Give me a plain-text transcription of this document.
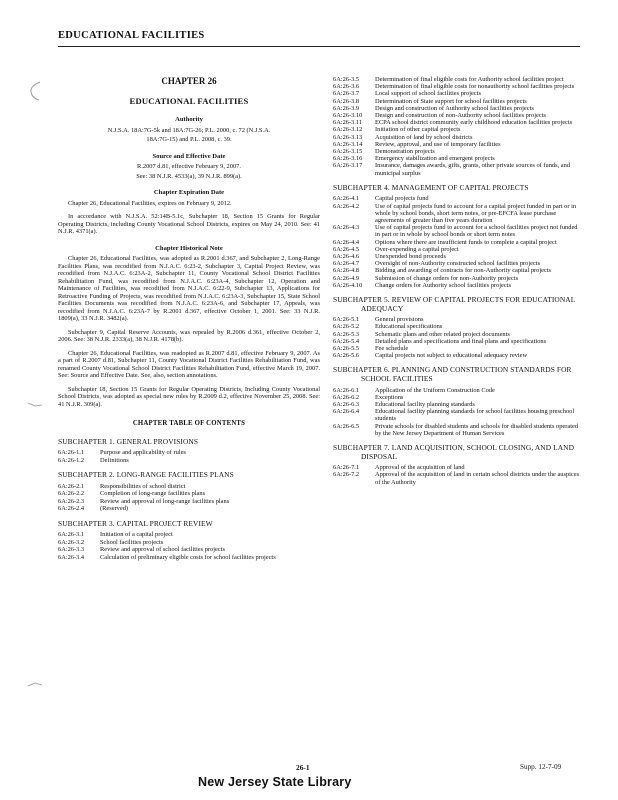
EDUCATIONAL FACILITIES
CHAPTER 26
EDUCATIONAL FACILITIES
Authority
N.J.S.A. 18A:7G-5k and 18A:7G-26; P.L. 2000, c. 72 (N.J.S.A.
18A:7G-15) and P.L. 2008, c. 39.
Source and Effective Date
R.2007 d.81, effective February 9, 2007.
See: 38 N.J.R. 4533(a), 39 N.J.R. 899(a).
Chapter Expiration Date

Chapter 26, Educational Facilities, expires on February 9, 2012.

In accordance with N.J.S.A. 52:14B-5.1c, Subchapter 18, Section 15 Grants for Regular Operating Districts, including County Vocational School Districts, expires on May 24, 2010. See: 41 N.J.R. 4371(a).

Chapter Historical Note

Chapter 26, Educational Facilities, was adopted as R.2001 d.367, and Subchapter 2, Long-Range Facilities Plans, was recodified from N.J.A.C. 6:23-2, Subchapter 3, Capital Project Review, was recodified from N.J.A.C. 6:23A-2, Subchapter 11, County Vocational School District Facilities Rehabilitation Fund, was recodified from N.J.A.C. 6:23A-4, Subchapter 12, Operation and Maintenance of Facilities, was recodified from N.J.A.C. 6:22-9, Subchapter 13, Applications for Retroactive Funding of Projects, was recodified from N.J.A.C. 6:23A-3, Subchapter 15, State School Facilities Documents was recodified from N.J.A.C. 6:23A-6, and Subchapter 17, Appeals, was recodified from N.J.A.C. 6:23A-7 by R.2001 d.367, effective October 1, 2001. See: 33 N.J.R. 1809(a), 33 N.J.R. 3482(a).

Subchapter 9, Capital Reserve Accounts, was repealed by R.2006 d.361, effective October 2, 2006. See: 38 N.J.R. 2333(a), 38 N.J.R. 4178(b).

Chapter 26, Educational Facilities, was readopted as R.2007 d.81, effective February 9, 2007. As a part of R.2007 d.81, Subchapter 11, County Vocational District Facilities Rehabilitation Fund, was renamed County Vocational School District Facilities Rehabilitation Fund, effective March 19, 2007. See: Source and Effective Date. See, also, section annotations.

Subchapter 18, Section 15 Grants for Regular Operating Districts, Including County Vocational School Districts, was adopted as special new rules by R.2009 d.2, effective November 25, 2008. See: 41 N.J.R. 309(a).

CHAPTER TABLE OF CONTENTS
SUBCHAPTER 1. GENERAL PROVISIONS
6A:26-1.1	Purpose and applicability of rules
6A:26-1.2	Definitions
SUBCHAPTER 2. LONG-RANGE FACILITIES PLANS
6A:26-2.1	Responsibilities of school district
6A:26-2.2	Completion of long-range facilities plans
6A:26-2.3	Review and approval of long-range facilities plans
6A:26-2.4	(Reserved)
SUBCHAPTER 3. CAPITAL PROJECT REVIEW
6A:26-3.1	Initiation of a capital project
6A:26-3.2	School facilities projects
6A:26-3.3	Review and approval of school facilities projects
6A:26-3.4	Calculation of preliminary eligible costs for school facilities projects
6A:26-3.5	Determination of final eligible costs for Authority school facilities project
6A:26-3.6	Determination of final eligible costs for nonauthority school facilities projects
6A:26-3.7	Local support of school facilities projects
6A:26-3.8	Determination of State support for school facilities projects
6A:26-3.9	Design and construction of Authority school facilities projects
6A:26-3.10	Design and construction of non-Authority school facilities projects
6A:26-3.11	ECPA school district community early childhood education facilities projects
6A:26-3.12	Initiation of other capital projects
6A:26-3.13	Acquisition of land by school districts
6A:26-3.14	Review, approval, and use of temporary facilities
6A:26-3.15	Demonstration projects
6A:26-3.16	Emergency stabilization and emergent projects
6A:26-3.17	Insurance, damages awards, gifts, grants, other private sources of funds, and municipal surplus
SUBCHAPTER 4. MANAGEMENT OF CAPITAL PROJECTS
6A:26-4.1	Capital projects fund
6A:26-4.2	Use of capital projects fund to account for a capital project funded in part or in whole by school bonds, short term notes, or pre-EFCFA lease purchase agreements of greater than five years duration
6A:26-4.3	Use of capital projects fund to account for a school facilities project not funded in part or in whole by school bonds or short term notes
6A:26-4.4	Options where there are insufficient funds to complete a capital project
6A:26-4.5	Over-expending a capital project
6A:26-4.6	Unexpended bond proceeds
6A:26-4.7	Oversight of non-Authority constructed school facilities projects
6A:26-4.8	Bidding and awarding of contracts for non-Authority capital projects
6A:26-4.9	Submission of change orders for non-Authority projects
6A:26-4.10	Change orders for Authority school facilities projects
SUBCHAPTER 5. REVIEW OF CAPITAL PROJECTS FOR EDUCATIONAL ADEQUACY
6A:26-5.1	General provisions
6A:26-5.2	Educational specifications
6A:26-5.3	Schematic plans and other related project documents
6A:26-5.4	Detailed plans and specifications and final plans and specifications
6A:26-5.5	Fee schedule
6A:26-5.6	Capital projects not subject to educational adequacy review
SUBCHAPTER 6. PLANNING AND CONSTRUCTION STANDARDS FOR SCHOOL FACILITIES
6A:26-6.1	Application of the Uniform Construction Code
6A:26-6.2	Exceptions
6A:26-6.3	Educational facility planning standards
6A:26-6.4	Educational facility planning standards for school facilities housing preschool students
6A:26-6.5	Private schools for disabled students and schools for disabled students operated by the New Jersey Department of Human Services
SUBCHAPTER 7. LAND ACQUISITION, SCHOOL CLOSING, AND LAND DISPOSAL
6A:26-7.1	Approval of the acquisition of land
6A:26-7.2	Approval of the acquisition of land in certain school districts under the auspices of the Authority
26-1	Supp. 12-7-09
New Jersey State Library
